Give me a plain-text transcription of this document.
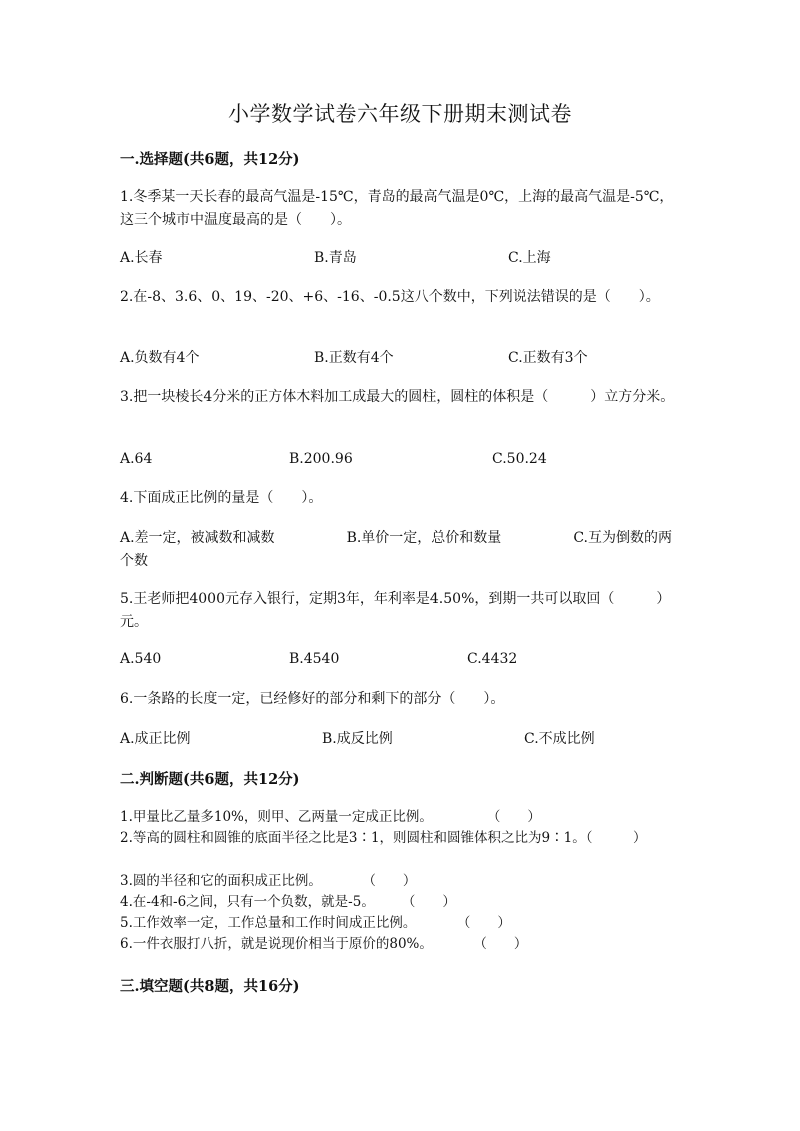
小学数学试卷六年级下册期末测试卷
一.选择题(共6题，共12分)
1.冬季某一天长春的最高气温是-15℃，青岛的最高气温是0℃，上海的最高气温是-5℃，这三个城市中温度最高的是（　　）。
A.长春	B.青岛	C.上海
2.在-8、3.6、0、19、-20、+6、-16、-0.5这八个数中，下列说法错误的是（　　）。
A.负数有4个	B.正数有4个	C.正数有3个
3.把一块棱长4分米的正方体木料加工成最大的圆柱，圆柱的体积是（　　　）立方分米。
A.64	B.200.96	C.50.24
4.下面成正比例的量是（　　）。
A.差一定，被减数和减数	B.单价一定，总价和数量	C.互为倒数的两个数
5.王老师把4000元存入银行，定期3年，年利率是4.50%，到期一共可以取回（　　　）元。
A.540	B.4540	C.4432
6.一条路的长度一定，已经修好的部分和剩下的部分（　　）。
A.成正比例	B.成反比例	C.不成比例
二.判断题(共6题，共12分)
1.甲量比乙量多10%，则甲、乙两量一定成正比例。　　　　　（　　）
2.等高的圆柱和圆锥的底面半径之比是3∶1，则圆柱和圆锥体积之比为9∶1。（　　　）
3.圆的半径和它的面积成正比例。　　　　（　　）
4.在-4和-6之间，只有一个负数，就是-5。　　　（　　）
5.工作效率一定，工作总量和工作时间成正比例。　　　　（　　）
6.一件衣服打八折，就是说现价相当于原价的80%。　　　　（　　）
三.填空题(共8题，共16分)
